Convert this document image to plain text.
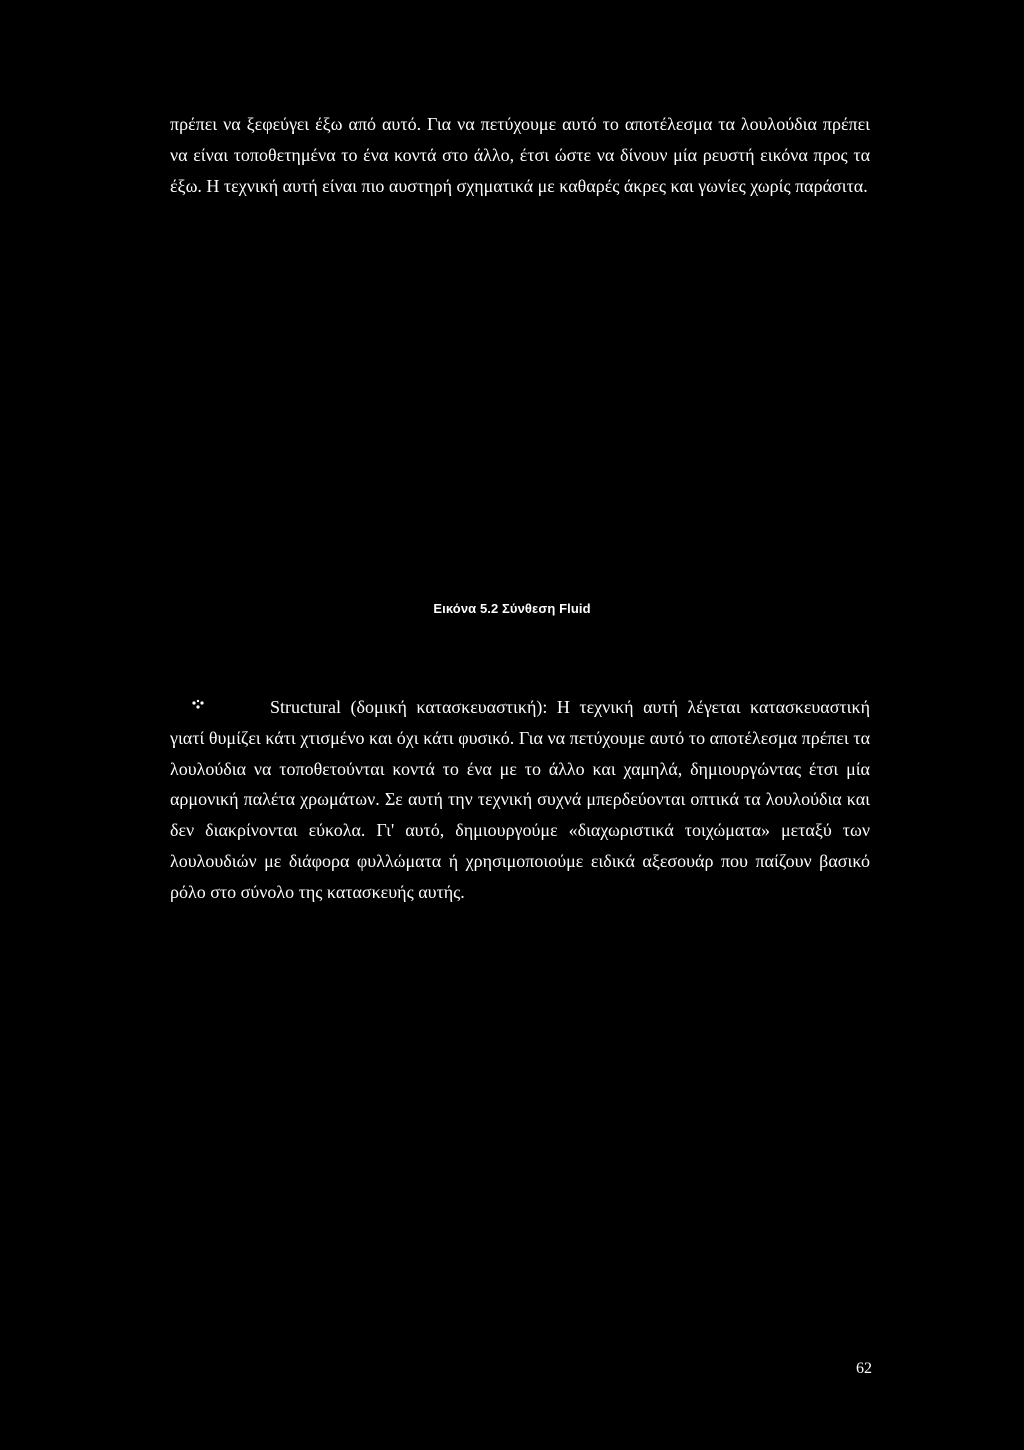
πρέπει να ξεφεύγει έξω από αυτό. Για να πετύχουμε αυτό το αποτέλεσμα τα λουλούδια πρέπει να είναι τοποθετημένα το ένα κοντά στο άλλο, έτσι ώστε να δίνουν μία ρευστή εικόνα προς τα έξω. Η τεχνική αυτή είναι πιο αυστηρή σχηματικά με καθαρές άκρες και γωνίες χωρίς παράσιτα.

Εικόνα 5.2 Σύνθεση Fluid

Structural (δομική κατασκευαστική): Η τεχνική αυτή λέγεται κατασκευαστική γιατί θυμίζει κάτι χτισμένο και όχι κάτι φυσικό. Για να πετύχουμε αυτό το αποτέλεσμα πρέπει τα λουλούδια να τοποθετούνται κοντά το ένα με το άλλο και χαμηλά, δημιουργώντας έτσι μία αρμονική παλέτα χρωμάτων. Σε αυτή την τεχνική συχνά μπερδεύονται οπτικά τα λουλούδια και δεν διακρίνονται εύκολα. Γι' αυτό, δημιουργούμε «διαχωριστικά τοιχώματα» μεταξύ των λουλουδιών με διάφορα φυλλώματα ή χρησιμοποιούμε ειδικά αξεσουάρ που παίζουν βασικό ρόλο στο σύνολο της κατασκευής αυτής.

62
